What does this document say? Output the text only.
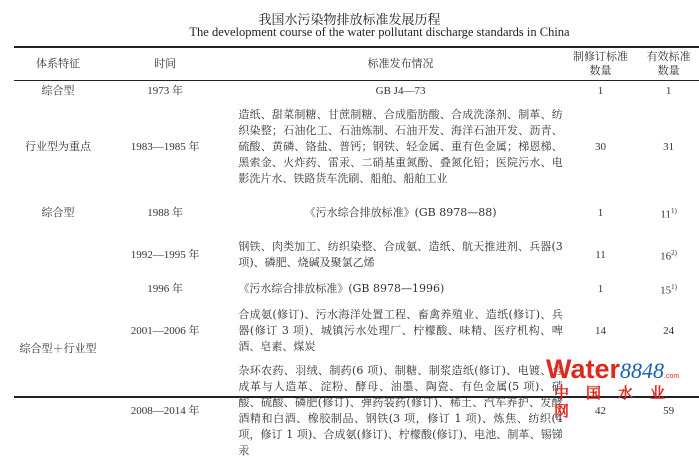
我国水污染物排放标准发展历程
The development course of the water pollutant discharge standards in China
体系特征	时间	标准发布情况	制修订标准数量	有效标准数量
综合型	1973 年	GB J4—73	1	1
行业型为重点	1983—1985 年	造纸、甜菜制糖、甘蔗制糖、合成脂肪酸、合成洗涤剂、制革、纺织染整；石油化工、石油炼制、石油开发、海洋石油开发、沥青、硫酸、黄磷、铬盐、普钙；钢铁、轻金属、重有色金属；梯恩梯、黑索金、火炸药、雷汞、二硝基重氮酚、叠氮化铅；医院污水、电影洗片水、铁路货车洗刷、船舶、船舶工业	30	31
综合型	1988 年	《污水综合排放标准》(GB 8978—88)	1	11$^{1)}$
综合型＋行业型	1992—1995 年	钢铁、肉类加工、纺织染整、合成氨、造纸、航天推进剂、兵器(3 项)、磷肥、烧碱及聚氯乙烯	11	16$^{2)}$
	1996 年	《污水综合排放标准》(GB 8978—1996)	1	15$^{1)}$
	2001—2006 年	合成氨(修订)、污水海洋处置工程、畜禽养殖业、造纸(修订)、兵器(修订 3 项)、城镇污水处理厂、柠檬酸、味精、医疗机构、啤酒、皂素、煤炭	14	24
	2008—2014 年	杂环农药、羽绒、制药(6 项)、制糖、制浆造纸(修订)、电镀、合成革与人造革、淀粉、酵母、油墨、陶瓷、有色金属(5 项)、硝酸、硫酸、磷肥(修订)、弹药装药(修订)、稀土、汽车养护、发酵酒精和白酒、橡胶制品、钢铁(3 项，修订 1 项)、炼焦、纺织(4 项，修订 1 项)、合成氨(修订)、柠檬酸(修订)、电池、制革、锡锑汞	42	59
Water8848.com
中国水业网
